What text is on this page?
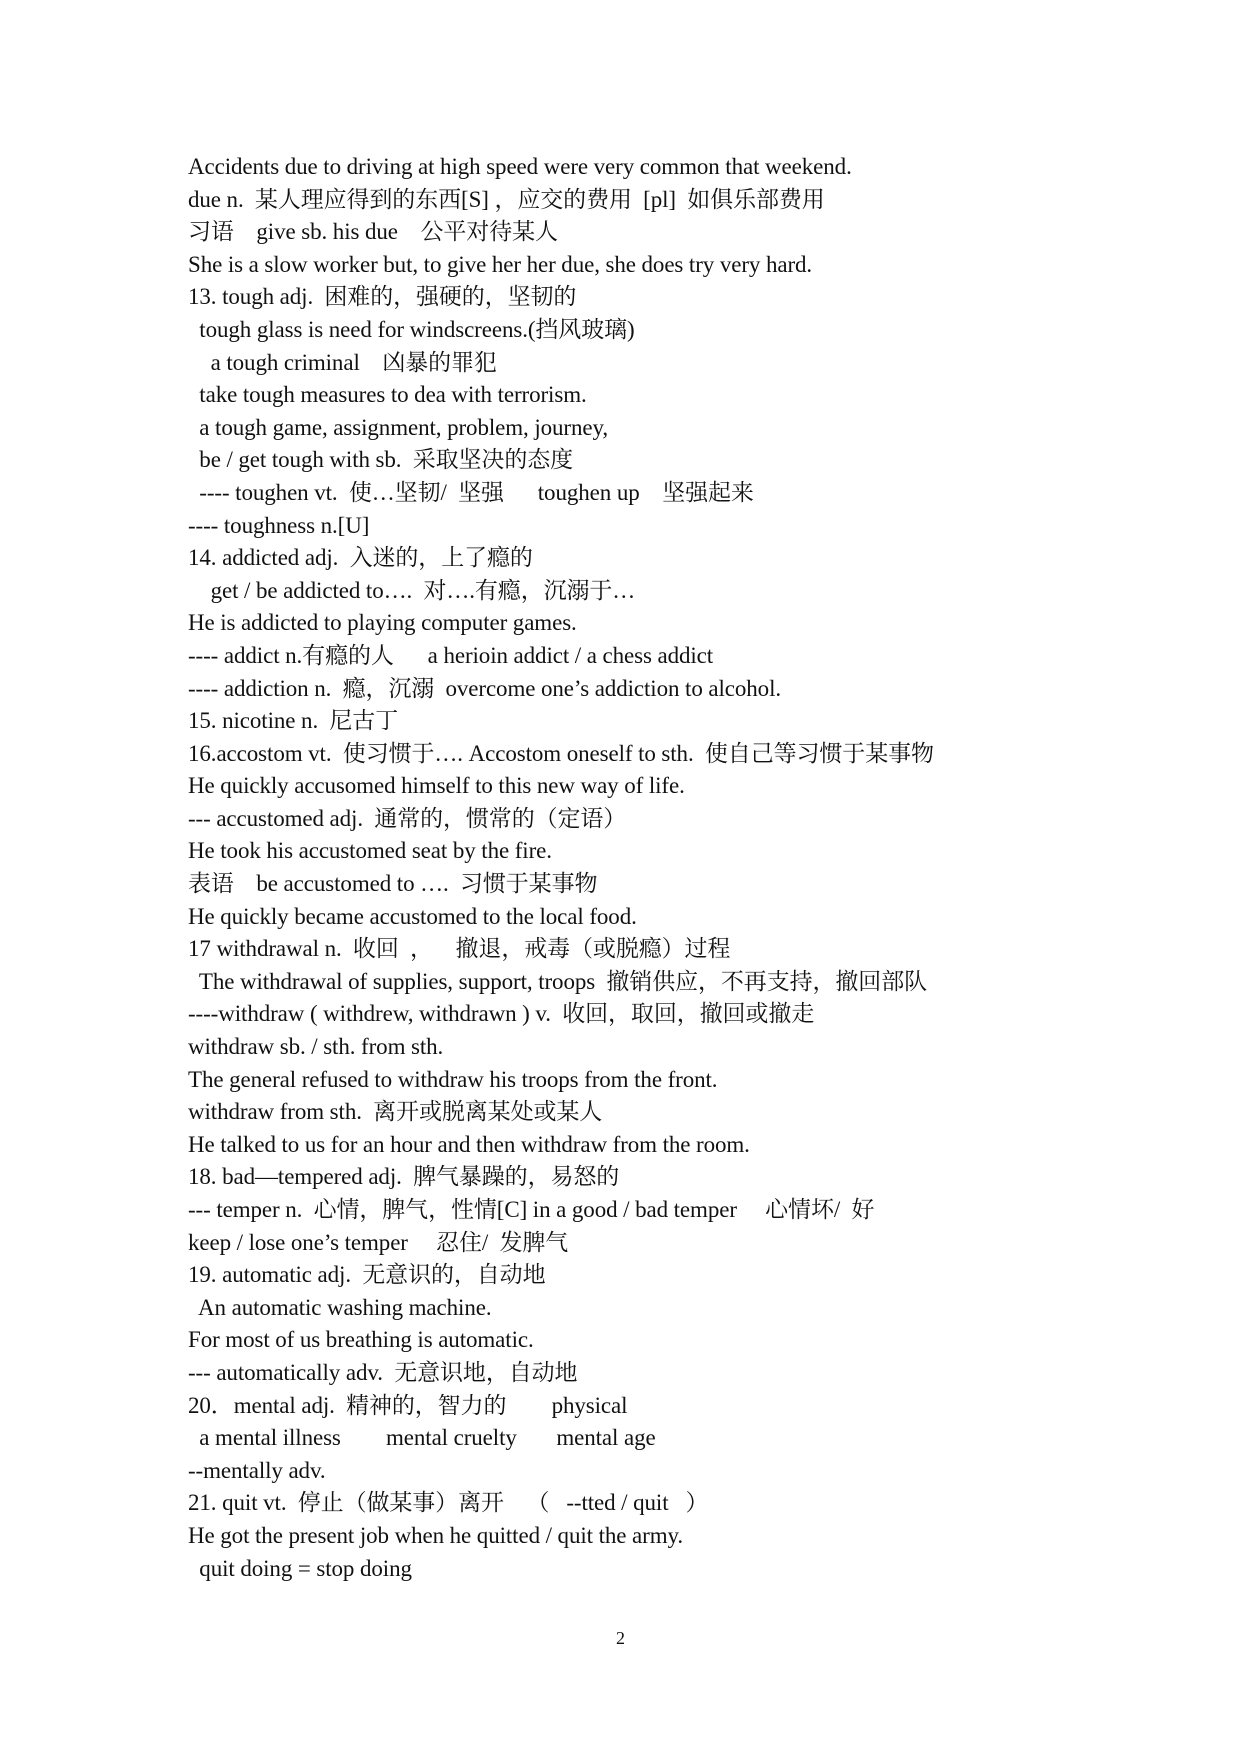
Accidents due to driving at high speed were very common that weekend.
due n.  某人理应得到的东西[S] ，应交的费用  [pl]  如俱乐部费用
习语    give sb. his due    公平对待某人
She is a slow worker but, to give her her due, she does try very hard.
13. tough adj.  困难的，强硬的，坚韧的
tough glass is need for windscreens.(挡风玻璃)
a tough criminal    凶暴的罪犯
take tough measures to dea with terrorism.
a tough game, assignment, problem, journey,
be / get tough with sb.  采取坚决的态度
---- toughen vt.  使…坚韧/  坚强      toughen up    坚强起来
---- toughness n.[U]
14. addicted adj.  入迷的，上了瘾的
get / be addicted to….  对….有瘾，沉溺于…
He is addicted to playing computer games.
---- addict n.有瘾的人      a herioin addict / a chess addict
---- addiction n.  瘾，沉溺  overcome one’s addiction to alcohol.
15. nicotine n.  尼古丁
16.accostom vt.  使习惯于…. Accostom oneself to sth.  使自己等习惯于某事物
He quickly accusomed himself to this new way of life.
--- accustomed adj.  通常的，惯常的（定语）
He took his accustomed seat by the fire.
表语    be accustomed to ….  习惯于某事物
He quickly became accustomed to the local food.
17 withdrawal n.  收回  ，    撤退，戒毒（或脱瘾）过程
The withdrawal of supplies, support, troops  撤销供应，不再支持，撤回部队
----withdraw ( withdrew, withdrawn ) v.  收回，取回，撤回或撤走
withdraw sb. / sth. from sth.
The general refused to withdraw his troops from the front.
withdraw from sth.  离开或脱离某处或某人
He talked to us for an hour and then withdraw from the room.
18. bad—tempered adj.  脾气暴躁的，易怒的
--- temper n.  心情，脾气，性情[C] in a good / bad temper     心情坏/  好
keep / lose one’s temper     忍住/  发脾气
19. automatic adj.  无意识的，自动地
An automatic washing machine.
For most of us breathing is automatic.
--- automatically adv.  无意识地，自动地
20．mental adj.  精神的，智力的        physical
a mental illness        mental cruelty       mental age
--mentally adv.
21. quit vt.  停止（做某事）离开    （   --tted / quit   ）
He got the present job when he quitted / quit the army.
quit doing = stop doing
2
